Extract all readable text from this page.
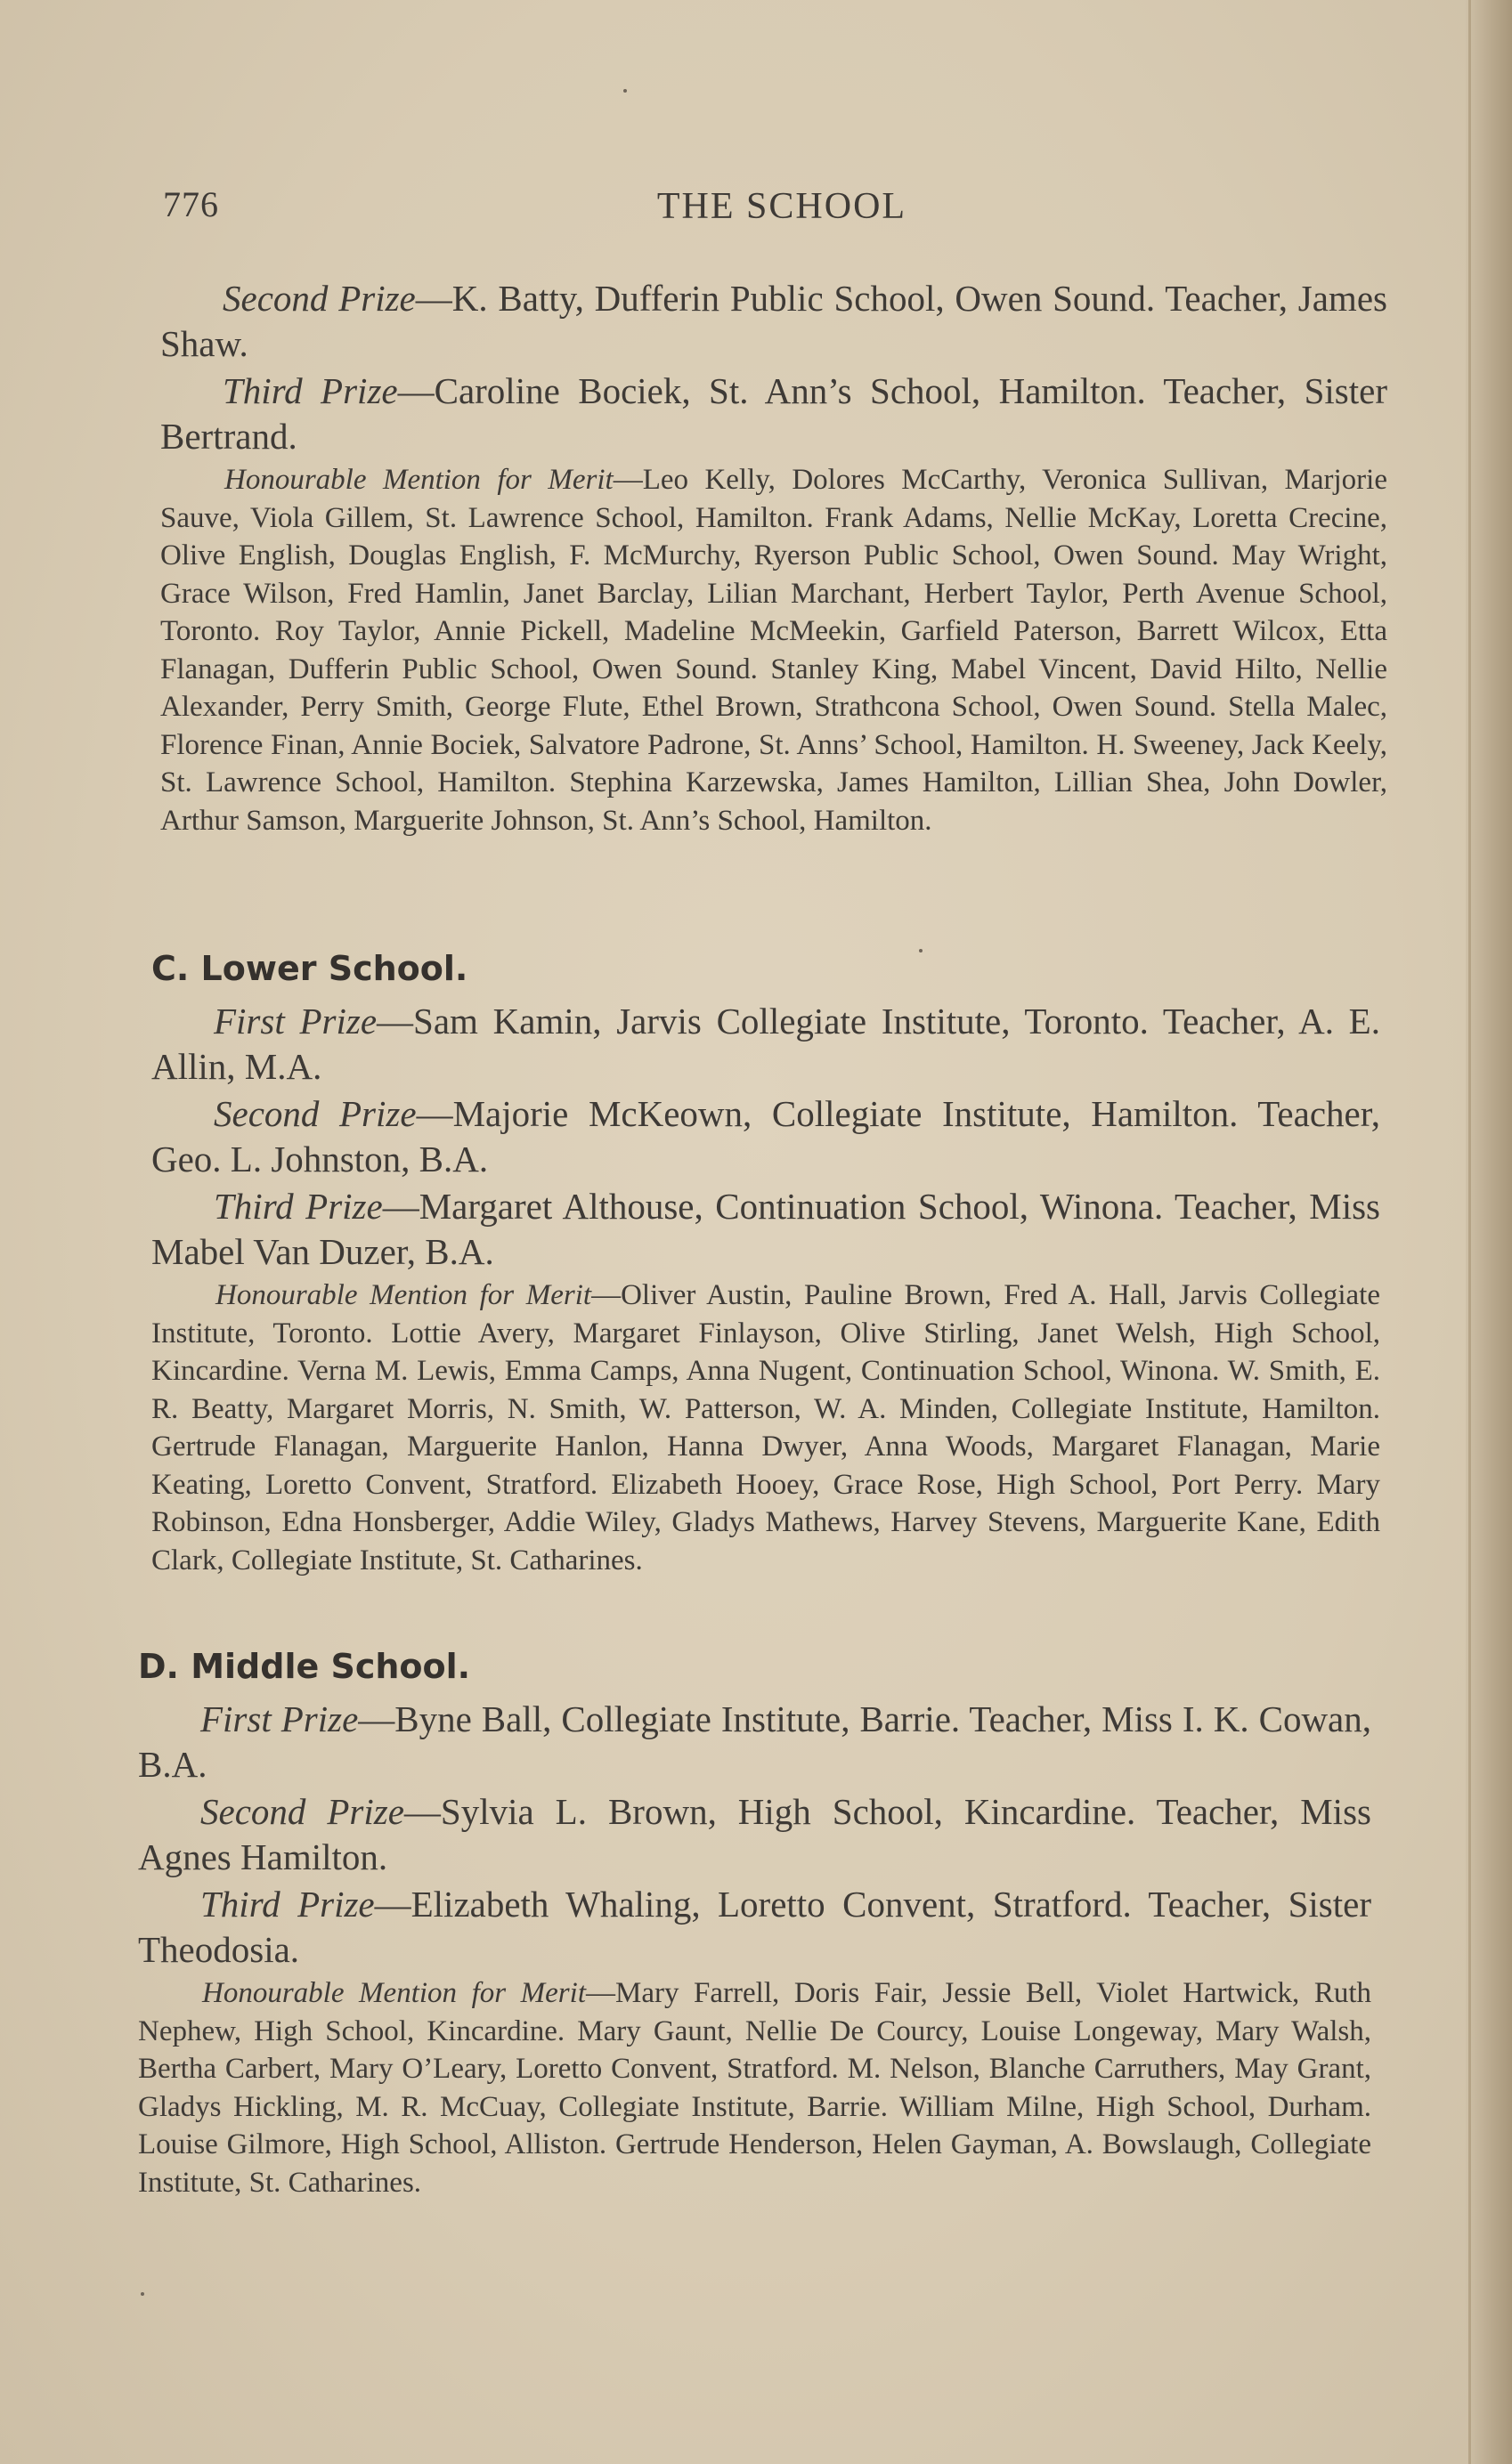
776	THE SCHOOL

Second Prize—K. Batty, Dufferin Public School, Owen Sound. Teacher, James Shaw.

Third Prize—Caroline Bociek, St. Ann’s School, Hamilton. Teacher, Sister Bertrand.

Honourable Mention for Merit—Leo Kelly, Dolores McCarthy, Veronica Sullivan, Marjorie Sauve, Viola Gillem, St. Lawrence School, Hamilton. Frank Adams, Nellie McKay, Loretta Crecine, Olive English, Douglas English, F. McMurchy, Ryerson Public School, Owen Sound. May Wright, Grace Wilson, Fred Hamlin, Janet Barclay, Lilian Marchant, Herbert Taylor, Perth Avenue School, Toronto. Roy Taylor, Annie Pickell, Madeline McMeekin, Garfield Paterson, Barrett Wilcox, Etta Flanagan, Dufferin Public School, Owen Sound. Stanley King, Mabel Vincent, David Hilto, Nellie Alexander, Perry Smith, George Flute, Ethel Brown, Strathcona School, Owen Sound. Stella Malec, Florence Finan, Annie Bociek, Salvatore Padrone, St. Anns’ School, Hamilton. H. Sweeney, Jack Keely, St. Lawrence School, Hamilton. Stephina Karzewska, James Hamilton, Lillian Shea, John Dowler, Arthur Samson, Marguerite Johnson, St. Ann’s School, Hamilton.

C. Lower School.

First Prize—Sam Kamin, Jarvis Collegiate Institute, Toronto. Teacher, A. E. Allin, M.A.

Second Prize—Majorie McKeown, Collegiate Institute, Hamilton. Teacher, Geo. L. Johnston, B.A.

Third Prize—Margaret Althouse, Continuation School, Winona. Teacher, Miss Mabel Van Duzer, B.A.

Honourable Mention for Merit—Oliver Austin, Pauline Brown, Fred A. Hall, Jarvis Collegiate Institute, Toronto. Lottie Avery, Margaret Finlayson, Olive Stirling, Janet Welsh, High School, Kincardine. Verna M. Lewis, Emma Camps, Anna Nugent, Continuation School, Winona. W. Smith, E. R. Beatty, Margaret Morris, N. Smith, W. Patterson, W. A. Minden, Collegiate Institute, Hamilton. Gertrude Flanagan, Marguerite Hanlon, Hanna Dwyer, Anna Woods, Margaret Flanagan, Marie Keating, Loretto Convent, Stratford. Elizabeth Hooey, Grace Rose, High School, Port Perry. Mary Robinson, Edna Honsberger, Addie Wiley, Gladys Mathews, Harvey Stevens, Marguerite Kane, Edith Clark, Collegiate Institute, St. Catharines.

D. Middle School.

First Prize—Byne Ball, Collegiate Institute, Barrie. Teacher, Miss I. K. Cowan, B.A.

Second Prize—Sylvia L. Brown, High School, Kincardine. Teacher, Miss Agnes Hamilton.

Third Prize—Elizabeth Whaling, Loretto Convent, Stratford. Teacher, Sister Theodosia.

Honourable Mention for Merit—Mary Farrell, Doris Fair, Jessie Bell, Violet Hartwick, Ruth Nephew, High School, Kincardine. Mary Gaunt, Nellie De Courcy, Louise Longeway, Mary Walsh, Bertha Carbert, Mary O’Leary, Loretto Convent, Stratford. M. Nelson, Blanche Carruthers, May Grant, Gladys Hickling, M. R. McCuay, Collegiate Institute, Barrie. William Milne, High School, Durham. Louise Gilmore, High School, Alliston. Gertrude Henderson, Helen Gayman, A. Bowslaugh, Collegiate Institute, St. Catharines.
